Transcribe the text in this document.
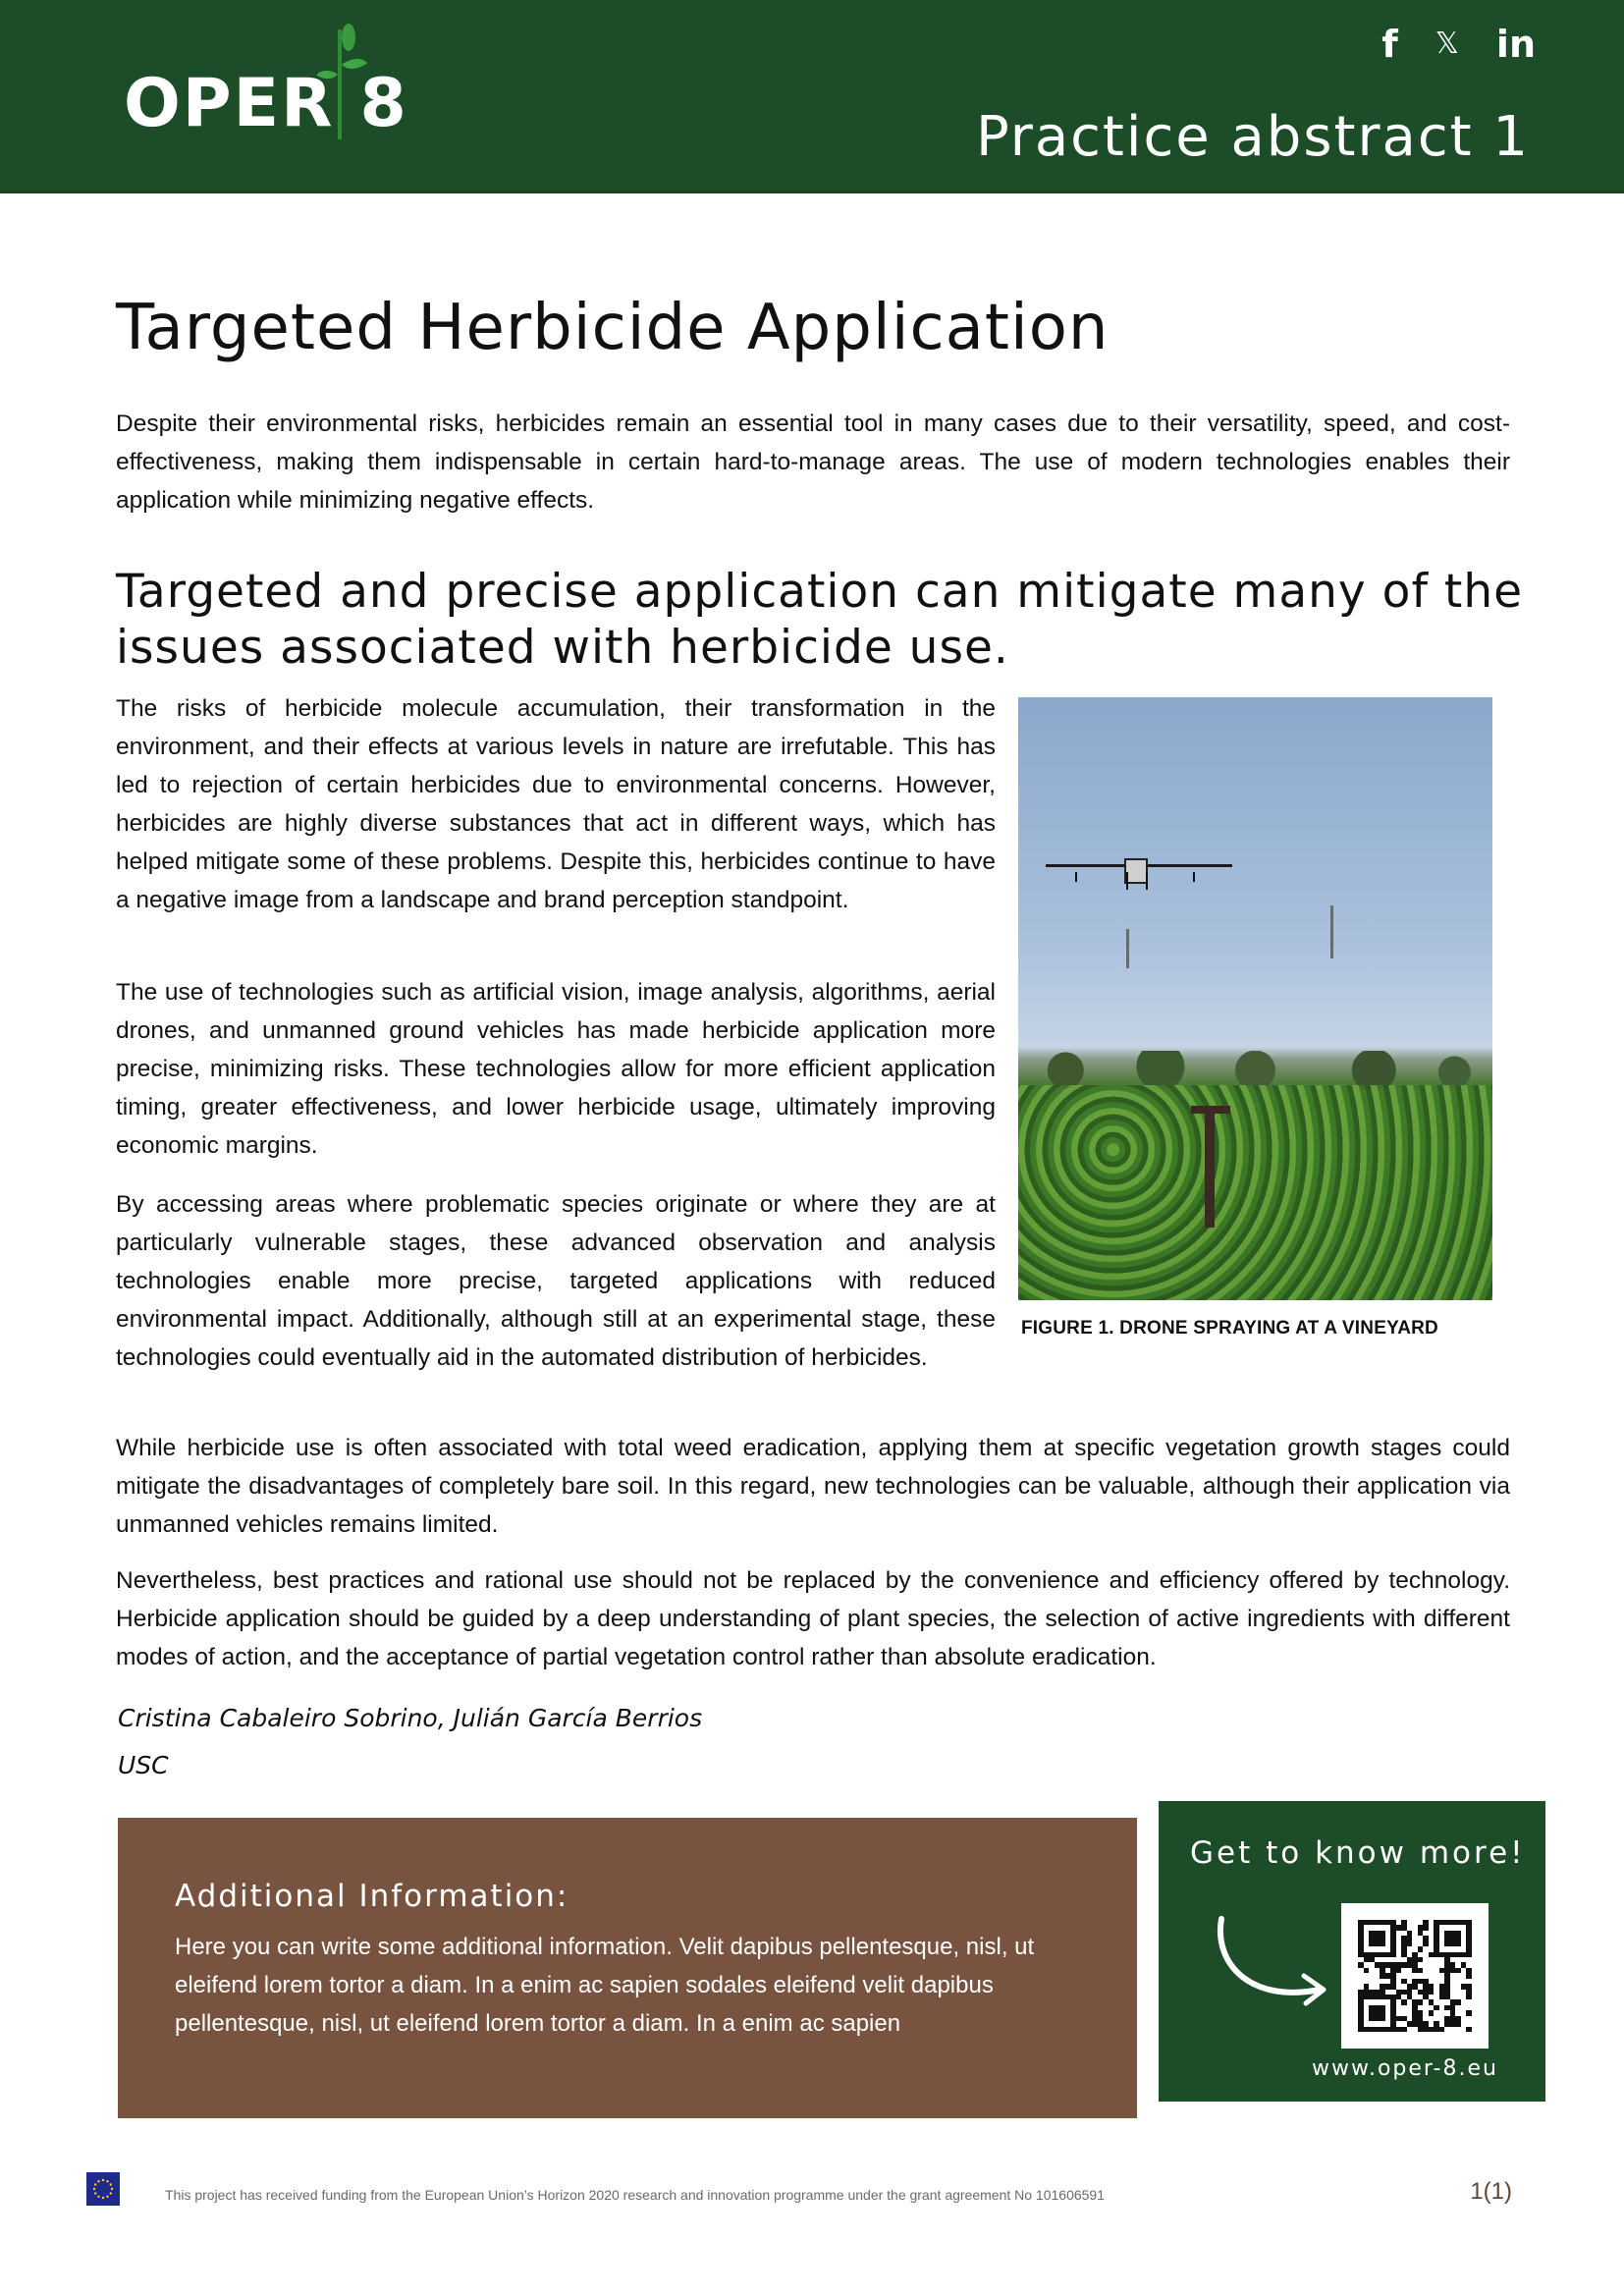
OPER 8
f 𝕏 in
Practice abstract 1
Targeted Herbicide Application

Despite their environmental risks, herbicides remain an essential tool in many cases due to their versatility, speed, and cost-effectiveness, making them indispensable in certain hard-to-manage areas. The use of modern technologies enables their application while minimizing negative effects.

Targeted and precise application can mitigate many of the issues associated with herbicide use.

The risks of herbicide molecule accumulation, their transformation in the environment, and their effects at various levels in nature are irrefutable. This has led to rejection of certain herbicides due to environmental concerns. However, herbicides are highly diverse substances that act in different ways, which has helped mitigate some of these problems. Despite this, herbicides continue to have a negative image from a landscape and brand perception standpoint.

The use of technologies such as artificial vision, image analysis, algorithms, aerial drones, and unmanned ground vehicles has made herbicide application more precise, minimizing risks. These technologies allow for more efficient application timing, greater effectiveness, and lower herbicide usage, ultimately improving economic margins.

By accessing areas where problematic species originate or where they are at particularly vulnerable stages, these advanced observation and analysis technologies enable more precise, targeted applications with reduced environmental impact. Additionally, although still at an experimental stage, these technologies could eventually aid in the automated distribution of herbicides.

FIGURE 1. DRONE SPRAYING AT A VINEYARD

While herbicide use is often associated with total weed eradication, applying them at specific vegetation growth stages could mitigate the disadvantages of completely bare soil. In this regard, new technologies can be valuable, although their application via unmanned vehicles remains limited.

Nevertheless, best practices and rational use should not be replaced by the convenience and efficiency offered by technology. Herbicide application should be guided by a deep understanding of plant species, the selection of active ingredients with different modes of action, and the acceptance of partial vegetation control rather than absolute eradication.

Cristina Cabaleiro Sobrino, Julián García Berrios
USC
Additional Information:
Here you can write some additional information. Velit dapibus pellentesque, nisl, ut eleifend lorem tortor a diam. In a enim ac sapien sodales eleifend velit dapibus pellentesque, nisl, ut eleifend lorem tortor a diam. In a enim ac sapien
Get to know more!
www.oper-8.eu
This project has received funding from the European Union’s Horizon 2020 research and innovation programme under the grant agreement No 101606591	1(1)
